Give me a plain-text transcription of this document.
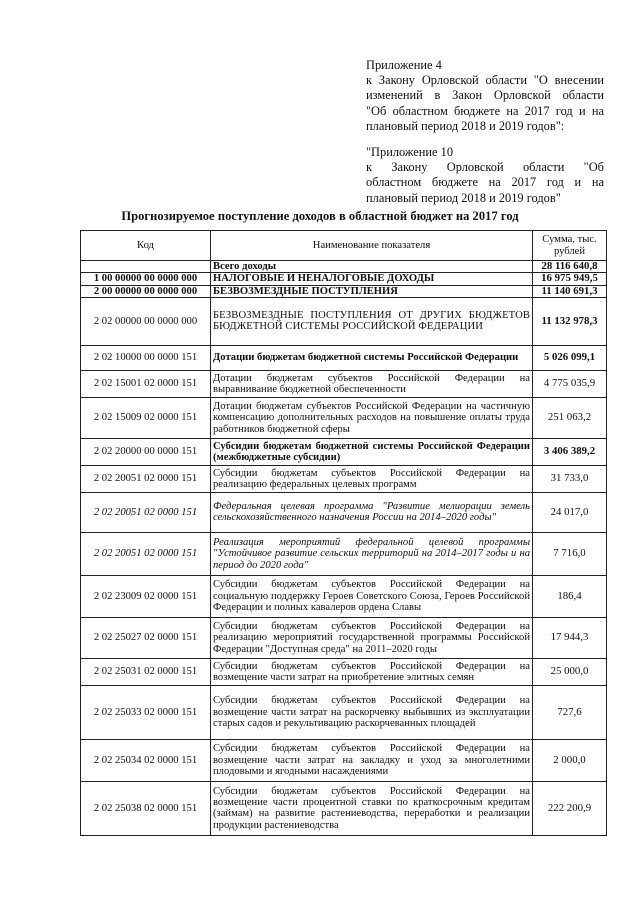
Приложение 4

к Закону Орловской области "О внесении

изменений в Закон Орловской области

"Об областном бюджете на 2017 год и на

плановый период 2018 и 2019 годов":

"Приложение 10

к Закону Орловской области "Об

областном бюджете на 2017 год и на

плановый период 2018 и 2019 годов"

Прогнозируемое поступление доходов в областной бюджет на 2017 год
Код	Наименование показателя	Сумма, тыс. рублей
	Всего доходы	28 116 640,8
1 00 00000 00 0000 000	НАЛОГОВЫЕ И НЕНАЛОГОВЫЕ ДОХОДЫ	16 975 949,5
2 00 00000 00 0000 000	БЕЗВОЗМЕЗДНЫЕ ПОСТУПЛЕНИЯ	11 140 691,3
2 02 00000 00 0000 000	БЕЗВОЗМЕЗДНЫЕ ПОСТУПЛЕНИЯ ОТ ДРУГИХ БЮДЖЕТОВ БЮДЖЕТНОЙ СИСТЕМЫ РОССИЙСКОЙ ФЕДЕРАЦИИ	11 132 978,3
2 02 10000 00 0000 151	Дотации бюджетам бюджетной системы Российской Федерации	5 026 099,1
2 02 15001 02 0000 151	Дотации бюджетам субъектов Российской Федерации на выравнивание бюджетной обеспеченности	4 775 035,9
2 02 15009 02 0000 151	Дотации бюджетам субъектов Российской Федерации на частичную компенсацию дополнительных расходов на повышение оплаты труда работников бюджетной сферы	251 063,2
2 02 20000 00 0000 151	Субсидии бюджетам бюджетной системы Российской Федерации (межбюджетные субсидии)	3 406 389,2
2 02 20051 02 0000 151	Субсидии бюджетам субъектов Российской Федерации на реализацию федеральных целевых программ	31 733,0
2 02 20051 02 0000 151	Федеральная целевая программа "Развитие мелиорации земель сельскохозяйственного назначения России на 2014–2020 годы"	24 017,0
2 02 20051 02 0000 151	Реализация мероприятий федеральной целевой программы "Устойчивое развитие сельских территорий на 2014–2017 годы и на период до 2020 года"	7 716,0
2 02 23009 02 0000 151	Субсидии бюджетам субъектов Российской Федерации на социальную поддержку Героев Советского Союза, Героев Российской Федерации и полных кавалеров ордена Славы	186,4
2 02 25027 02 0000 151	Субсидии бюджетам субъектов Российской Федерации на реализацию мероприятий государственной программы Российской Федерации "Доступная среда" на 2011–2020 годы	17 944,3
2 02 25031 02 0000 151	Субсидии бюджетам субъектов Российской Федерации на возмещение части затрат на приобретение элитных семян	25 000,0
2 02 25033 02 0000 151	Субсидии бюджетам субъектов Российской Федерации на возмещение части затрат на раскорчевку выбывших из эксплуатации старых садов и рекультивацию раскорчеванных площадей	727,6
2 02 25034 02 0000 151	Субсидии бюджетам субъектов Российской Федерации на возмещение части затрат на закладку и уход за многолетними плодовыми и ягодными насаждениями	2 000,0
2 02 25038 02 0000 151	Субсидии бюджетам субъектов Российской Федерации на возмещение части процентной ставки по краткосрочным кредитам (займам) на развитие растениеводства, переработки и реализации продукции растениеводства	222 200,9
